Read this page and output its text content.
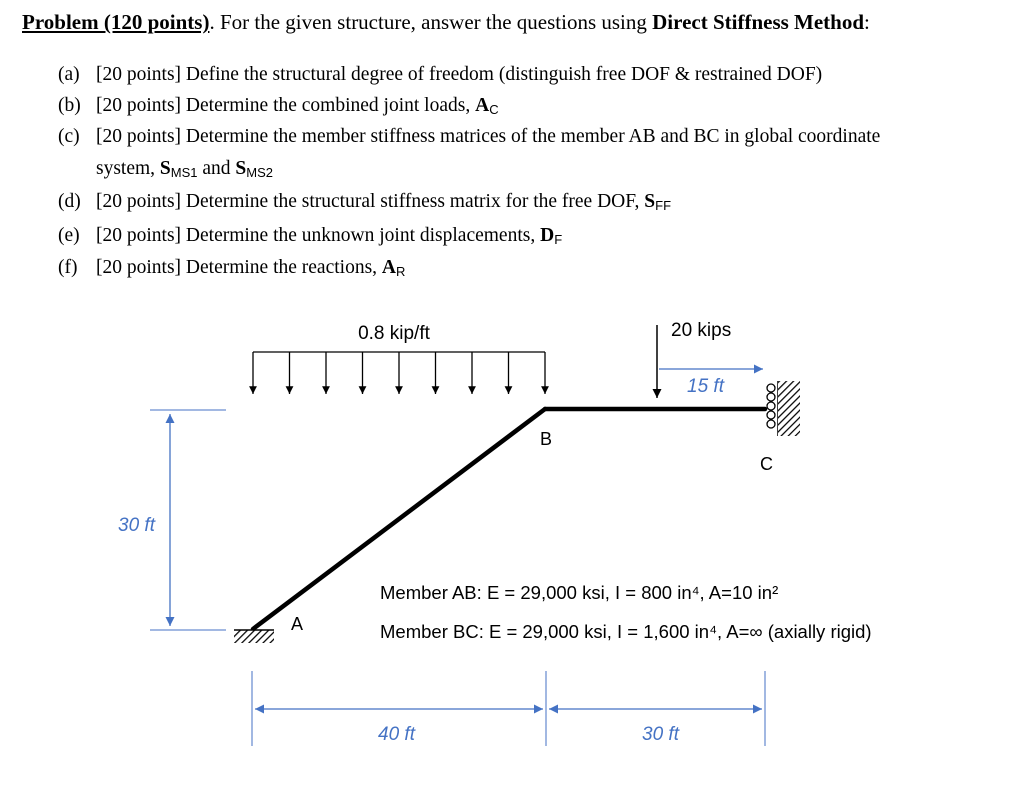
Problem (120 points). For the given structure, answer the questions using Direct Stiffness Method:
(a) [20 points] Define the structural degree of freedom (distinguish free DOF & restrained DOF)
(b) [20 points] Determine the combined joint loads, $A_C$
(c) [20 points] Determine the member stiffness matrices of the member AB and BC in global coordinate
system, $S_{MS1}$ and $S_{MS2}$
(d) [20 points] Determine the structural stiffness matrix for the free DOF, $S_{FF}$
(e) [20 points] Determine the unknown joint displacements, $D_F$
(f) [20 points] Determine the reactions, $A_R$
0.8 kip/ft	20 kips
15 ft
A
B
C
30 ft
40 ft	30 ft
Member AB: E = 29,000 ksi, I = 800 in⁴, A=10 in²
Member BC: E = 29,000 ksi, I = 1,600 in⁴, A=∞ (axially rigid)
